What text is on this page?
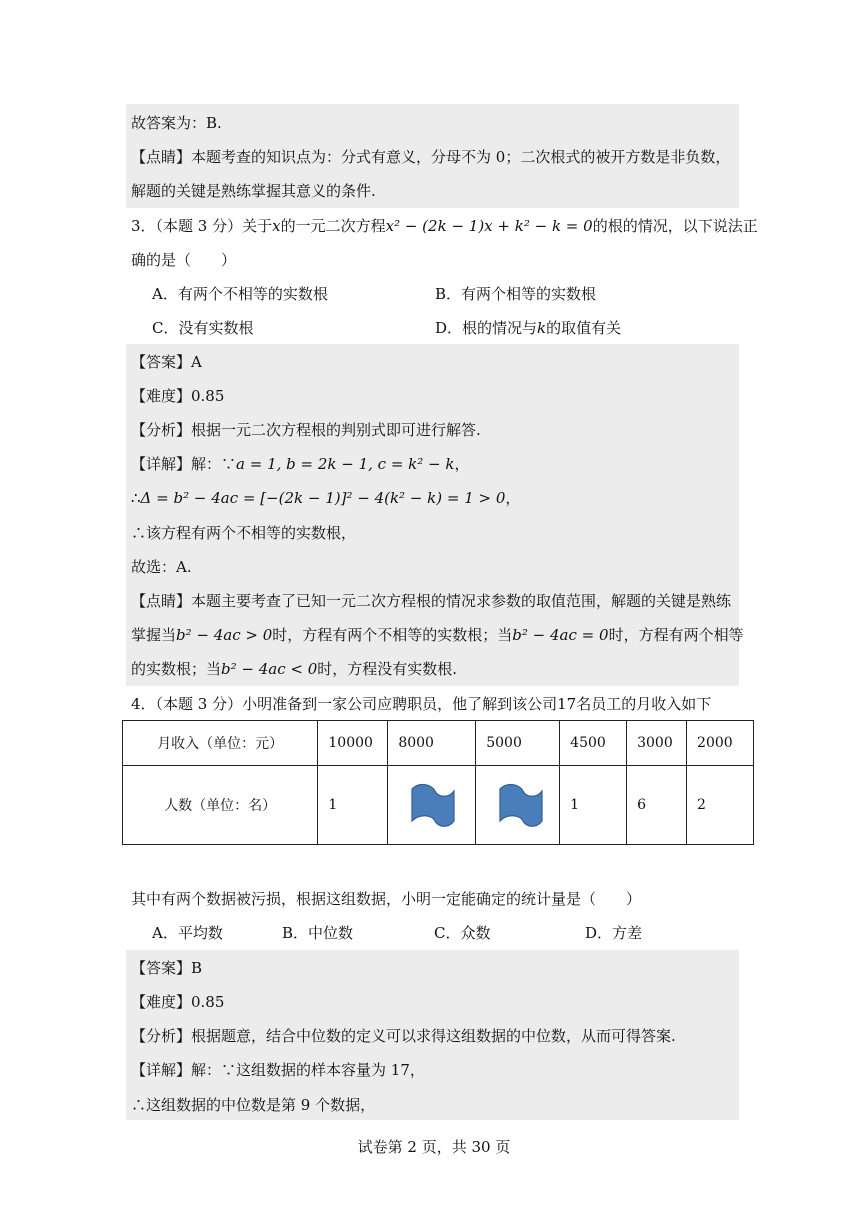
故答案为：B.
【点睛】本题考查的知识点为：分式有意义，分母不为 0；二次根式的被开方数是非负数，
解题的关键是熟练掌握其意义的条件.
3．（本题 3 分）关于x的一元二次方程x² − (2k − 1)x + k² − k = 0的根的情况，以下说法正
确的是（　　）
A．有两个不相等的实数根	B．有两个相等的实数根
C．没有实数根	D．根的情况与k的取值有关
【答案】A
【难度】0.85
【分析】根据一元二次方程根的判别式即可进行解答.
【详解】解：∵a = 1, b = 2k − 1, c = k² − k，
∴Δ = b² − 4ac = [−(2k − 1)]² − 4(k² − k) = 1 > 0，
∴该方程有两个不相等的实数根，
故选：A.
【点睛】本题主要考查了已知一元二次方程根的情况求参数的取值范围，解题的关键是熟练
掌握当b² − 4ac > 0时，方程有两个不相等的实数根；当b² − 4ac = 0时，方程有两个相等
的实数根；当b² − 4ac < 0时，方程没有实数根.
4．（本题 3 分）小明准备到一家公司应聘职员，他了解到该公司17名员工的月收入如下
月收入（单位：元）	10000	8000	5000	4500	3000	2000
人数（单位：名）	1			1	6	2
其中有两个数据被污损，根据这组数据，小明一定能确定的统计量是（　　）
A．平均数	B．中位数	C．众数	D．方差
【答案】B
【难度】0.85
【分析】根据题意，结合中位数的定义可以求得这组数据的中位数，从而可得答案.
【详解】解：∵这组数据的样本容量为 17，
∴这组数据的中位数是第 9 个数据，
试卷第 2 页，共 30 页
